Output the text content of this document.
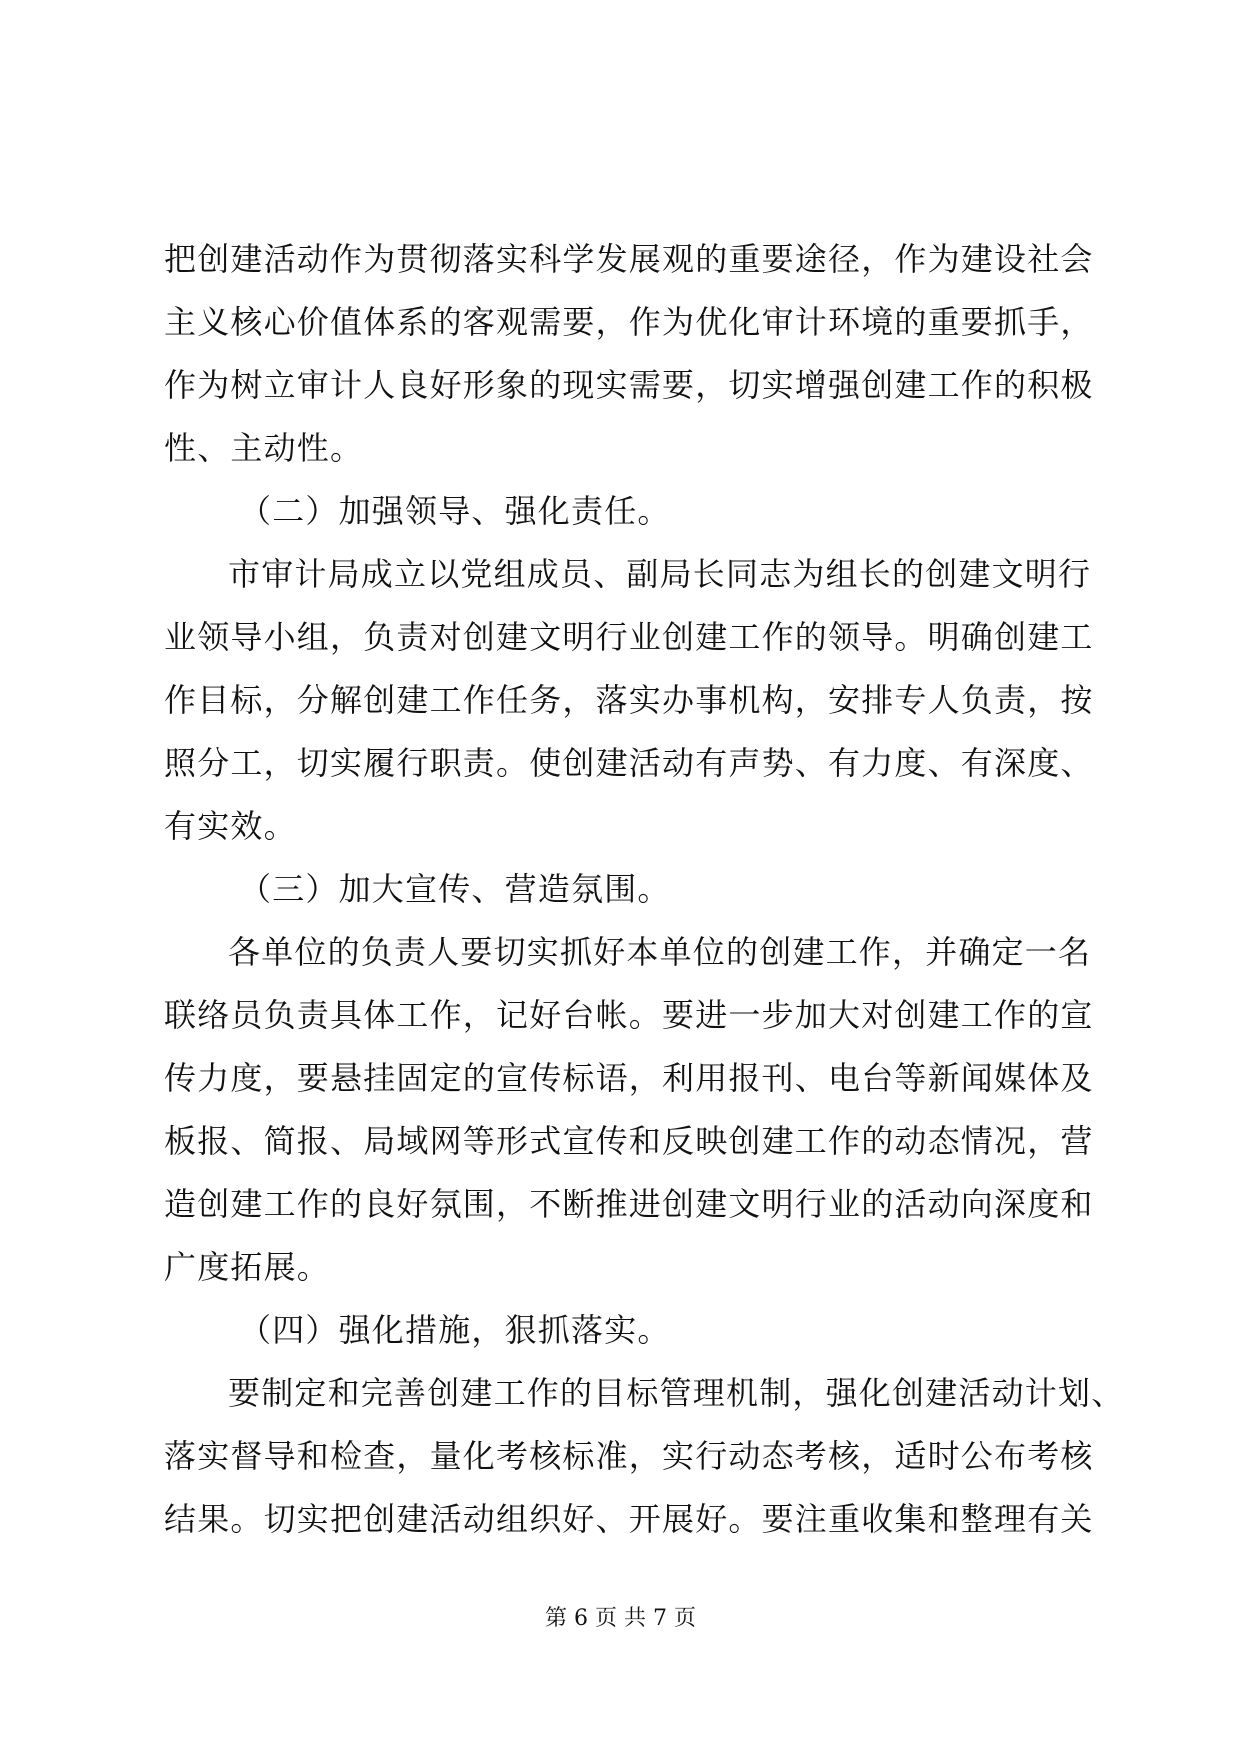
把创建活动作为贯彻落实科学发展观的重要途径，作为建设社会
主义核心价值体系的客观需要，作为优化审计环境的重要抓手，
作为树立审计人良好形象的现实需要，切实增强创建工作的积极
性、主动性。
（二）加强领导、强化责任。
市审计局成立以党组成员、副局长同志为组长的创建文明行
业领导小组，负责对创建文明行业创建工作的领导。明确创建工
作目标，分解创建工作任务，落实办事机构，安排专人负责，按
照分工，切实履行职责。使创建活动有声势、有力度、有深度、
有实效。
（三）加大宣传、营造氛围。
各单位的负责人要切实抓好本单位的创建工作，并确定一名
联络员负责具体工作，记好台帐。要进一步加大对创建工作的宣
传力度，要悬挂固定的宣传标语，利用报刊、电台等新闻媒体及
板报、简报、局域网等形式宣传和反映创建工作的动态情况，营
造创建工作的良好氛围，不断推进创建文明行业的活动向深度和
广度拓展。
（四）强化措施，狠抓落实。
要制定和完善创建工作的目标管理机制，强化创建活动计划、
落实督导和检查，量化考核标准，实行动态考核，适时公布考核
结果。切实把创建活动组织好、开展好。要注重收集和整理有关
第 6 页 共 7 页
